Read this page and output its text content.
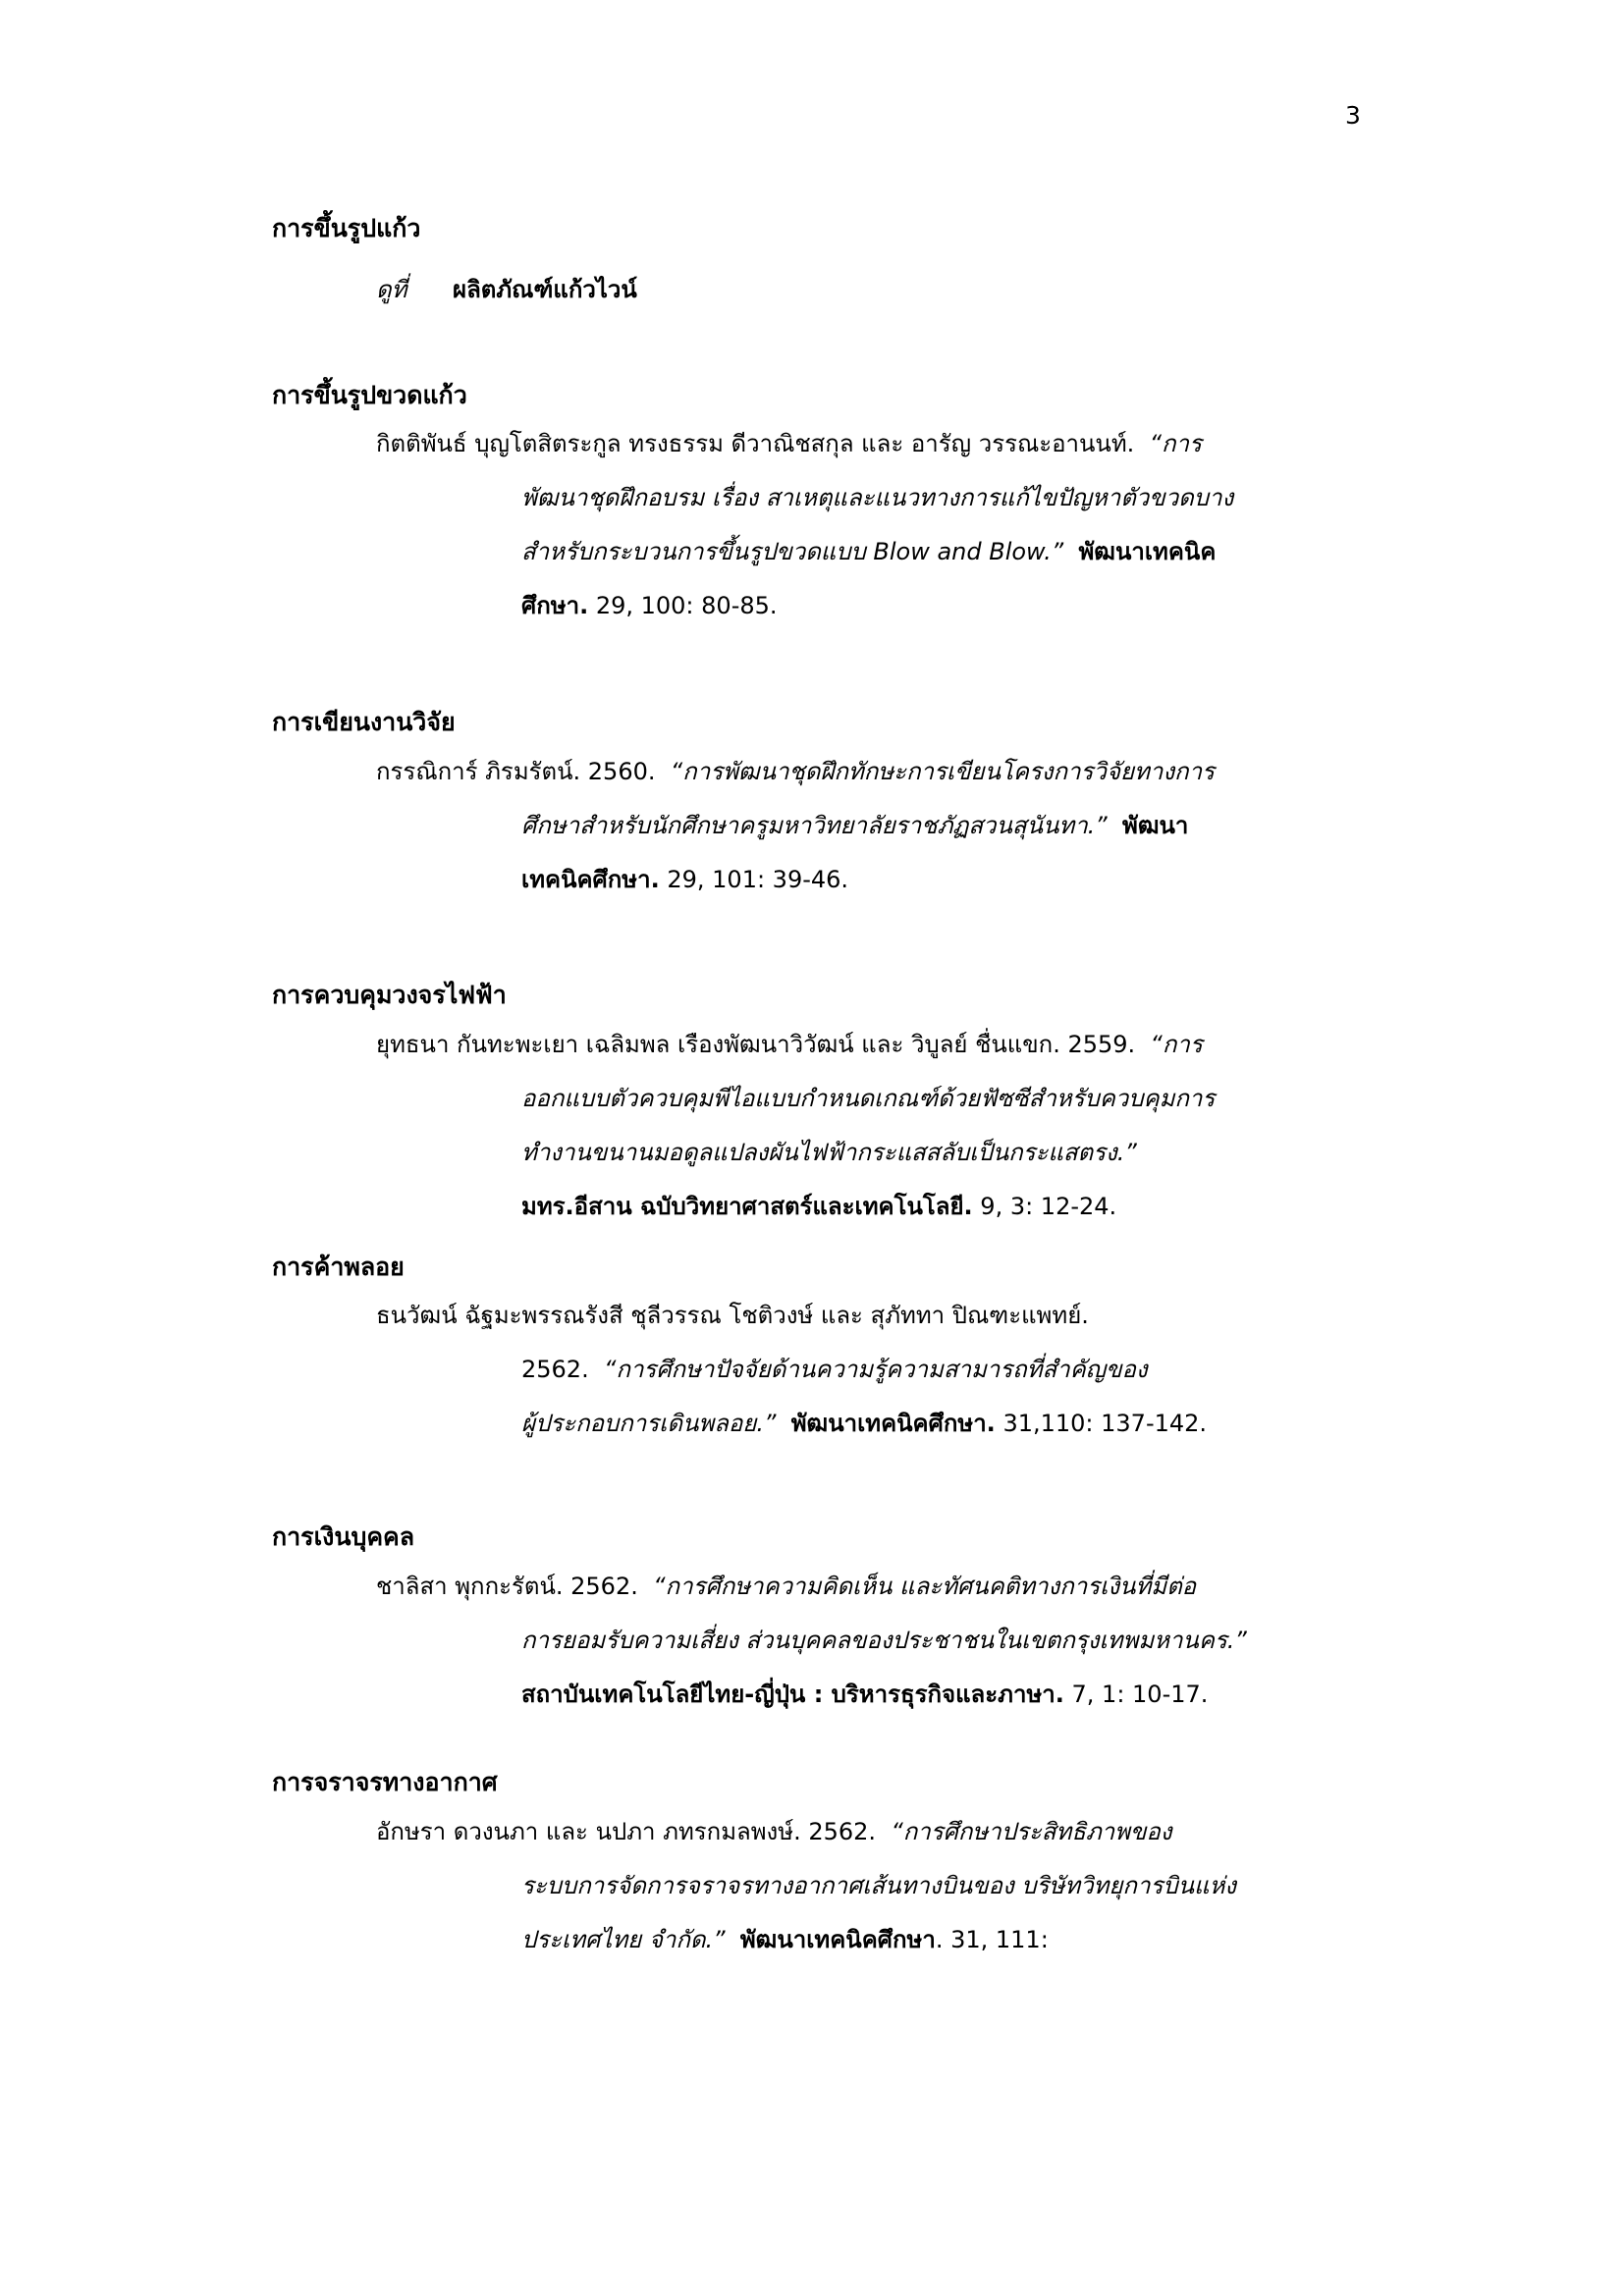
3
การขึ้นรูปแก้ว
ดูที่ ผลิตภัณฑ์แก้วไวน์
การขึ้นรูปขวดแก้ว
กิตติพันธ์ บุญโตสิตระกูล ทรงธรรม ดีวาณิชสกุล และ อารัญ วรรณะอานนท์. “การ
พัฒนาชุดฝึกอบรม เรื่อง สาเหตุและแนวทางการแก้ไขปัญหาตัวขวดบาง
สำหรับกระบวนการขึ้นรูปขวดแบบ Blow and Blow.” พัฒนาเทคนิค
ศึกษา. 29, 100: 80-85.
การเขียนงานวิจัย
กรรณิการ์ ภิรมรัตน์. 2560. “การพัฒนาชุดฝึกทักษะการเขียนโครงการวิจัยทางการ
ศึกษาสำหรับนักศึกษาครูมหาวิทยาลัยราชภัฏสวนสุนันทา.” พัฒนา
เทคนิคศึกษา. 29, 101: 39-46.
การควบคุมวงจรไฟฟ้า
ยุทธนา กันทะพะเยา เฉลิมพล เรืองพัฒนาวิวัฒน์ และ วิบูลย์ ชื่นแขก. 2559. “การ
ออกแบบตัวควบคุมพีไอแบบกำหนดเกณฑ์ด้วยฟัซซีสำหรับควบคุมการ
ทำงานขนานมอดูลแปลงผันไฟฟ้ากระแสสลับเป็นกระแสตรง.”
มทร.อีสาน ฉบับวิทยาศาสตร์และเทคโนโลยี. 9, 3: 12-24.
การค้าพลอย
ธนวัฒน์ ฉัฐมะพรรณรังสี ชุลีวรรณ โชติวงษ์ และ สุภัททา ปิณฑะแพทย์.
2562. “การศึกษาปัจจัยด้านความรู้ความสามารถที่สำคัญของ
ผู้ประกอบการเดินพลอย.” พัฒนาเทคนิคศึกษา. 31,110: 137-142.
การเงินบุคคล
ชาลิสา พุกกะรัตน์. 2562. “การศึกษาความคิดเห็น และทัศนคติทางการเงินที่มีต่อ
การยอมรับความเสี่ยง ส่วนบุคคลของประชาชนในเขตกรุงเทพมหานคร.”
สถาบันเทคโนโลยีไทย-ญี่ปุ่น : บริหารธุรกิจและภาษา. 7, 1: 10-17.
การจราจรทางอากาศ
อักษรา ดวงนภา และ นปภา ภทรกมลพงษ์. 2562. “การศึกษาประสิทธิภาพของ
ระบบการจัดการจราจรทางอากาศเส้นทางบินของ บริษัทวิทยุการบินแห่ง
ประเทศไทย จำกัด.” พัฒนาเทคนิคศึกษา. 31, 111:
